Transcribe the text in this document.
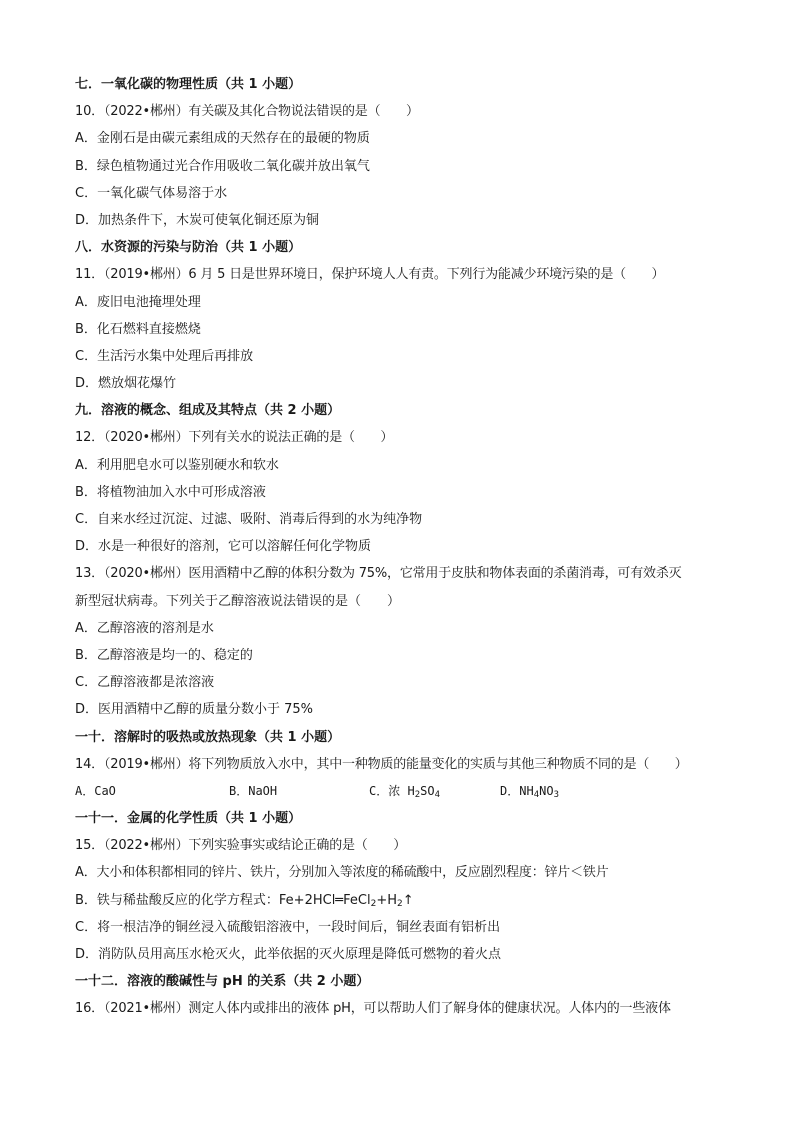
七．一氧化碳的物理性质（共 1 小题）
10．（2022•郴州）有关碳及其化合物说法错误的是（　　）
A．金刚石是由碳元素组成的天然存在的最硬的物质
B．绿色植物通过光合作用吸收二氧化碳并放出氧气
C．一氧化碳气体易溶于水
D．加热条件下，木炭可使氧化铜还原为铜
八．水资源的污染与防治（共 1 小题）
11．（2019•郴州）6 月 5 日是世界环境日，保护环境人人有责。下列行为能减少环境污染的是（　　）
A．废旧电池掩埋处理
B．化石燃料直接燃烧
C．生活污水集中处理后再排放
D．燃放烟花爆竹
九．溶液的概念、组成及其特点（共 2 小题）
12．（2020•郴州）下列有关水的说法正确的是（　　）
A．利用肥皂水可以鉴别硬水和软水
B．将植物油加入水中可形成溶液
C．自来水经过沉淀、过滤、吸附、消毒后得到的水为纯净物
D．水是一种很好的溶剂，它可以溶解任何化学物质
13．（2020•郴州）医用酒精中乙醇的体积分数为 75%，它常用于皮肤和物体表面的杀菌消毒，可有效杀灭
新型冠状病毒。下列关于乙醇溶液说法错误的是（　　）
A．乙醇溶液的溶剂是水
B．乙醇溶液是均一的、稳定的
C．乙醇溶液都是浓溶液
D．医用酒精中乙醇的质量分数小于 75%
一十．溶解时的吸热或放热现象（共 1 小题）
14．（2019•郴州）将下列物质放入水中，其中一种物质的能量变化的实质与其他三种物质不同的是（　　）
A．CaO	B．NaOH	C．浓 $H_2SO_4$	D．$NH_4NO_3$
一十一．金属的化学性质（共 1 小题）
15．（2022•郴州）下列实验事实或结论正确的是（　　）
A．大小和体积都相同的锌片、铁片，分别加入等浓度的稀硫酸中，反应剧烈程度：锌片＜铁片
B．铁与稀盐酸反应的化学方程式：$Fe+2HCl═FeCl_2+H_2↑$
C．将一根洁净的铜丝浸入硫酸铝溶液中，一段时间后，铜丝表面有铝析出
D．消防队员用高压水枪灭火，此举依据的灭火原理是降低可燃物的着火点
一十二．溶液的酸碱性与 pH 的关系（共 2 小题）
16．（2021•郴州）测定人体内或排出的液体 pH，可以帮助人们了解身体的健康状况。人体内的一些液体
